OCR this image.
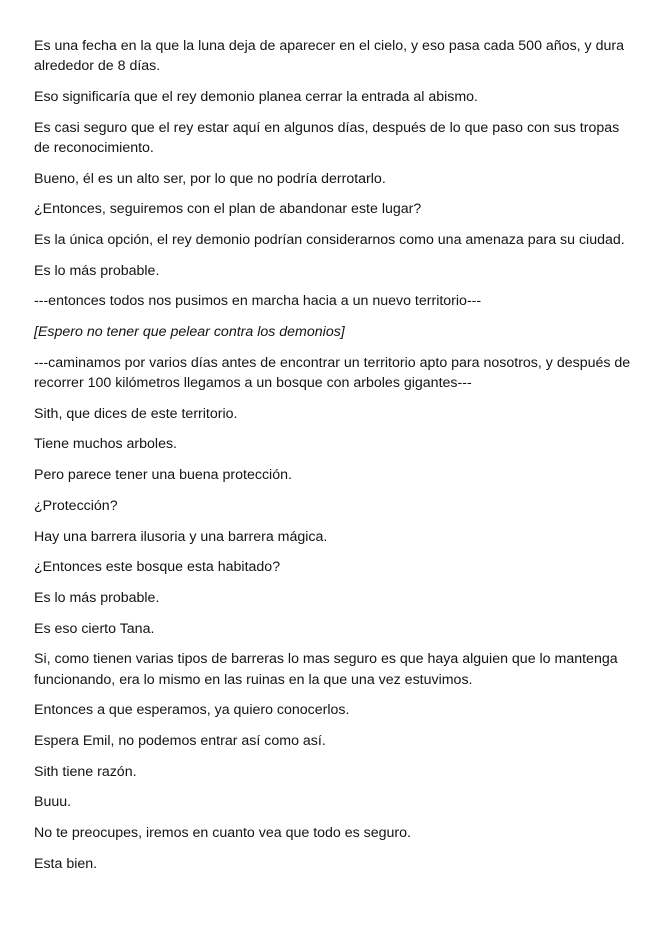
Es una fecha en la que la luna deja de aparecer en el cielo, y eso pasa cada 500 años, y dura alrededor de 8 días.

Eso significaría que el rey demonio planea cerrar la entrada al abismo.

Es casi seguro que el rey estar aquí en algunos días, después de lo que paso con sus tropas de reconocimiento.

Bueno, él es un alto ser, por lo que no podría derrotarlo.

¿Entonces, seguiremos con el plan de abandonar este lugar?

Es la única opción, el rey demonio podrían considerarnos como una amenaza para su ciudad.

Es lo más probable.

---entonces todos nos pusimos en marcha hacia a un nuevo territorio---

[Espero no tener que pelear contra los demonios]

---caminamos por varios días antes de encontrar un territorio apto para nosotros, y después de recorrer 100 kilómetros llegamos a un bosque con arboles gigantes---

Sith, que dices de este territorio.

Tiene muchos arboles.

Pero parece tener una buena protección.

¿Protección?

Hay una barrera ilusoria y una barrera mágica.

¿Entonces este bosque esta habitado?

Es lo más probable.

Es eso cierto Tana.

Si, como tienen varias tipos de barreras lo mas seguro es que haya alguien que lo mantenga funcionando, era lo mismo en las ruinas en la que una vez estuvimos.

Entonces a que esperamos, ya quiero conocerlos.

Espera Emil, no podemos entrar así como así.

Sith tiene razón.

Buuu.

No te preocupes, iremos en cuanto vea que todo es seguro.

Esta bien.
